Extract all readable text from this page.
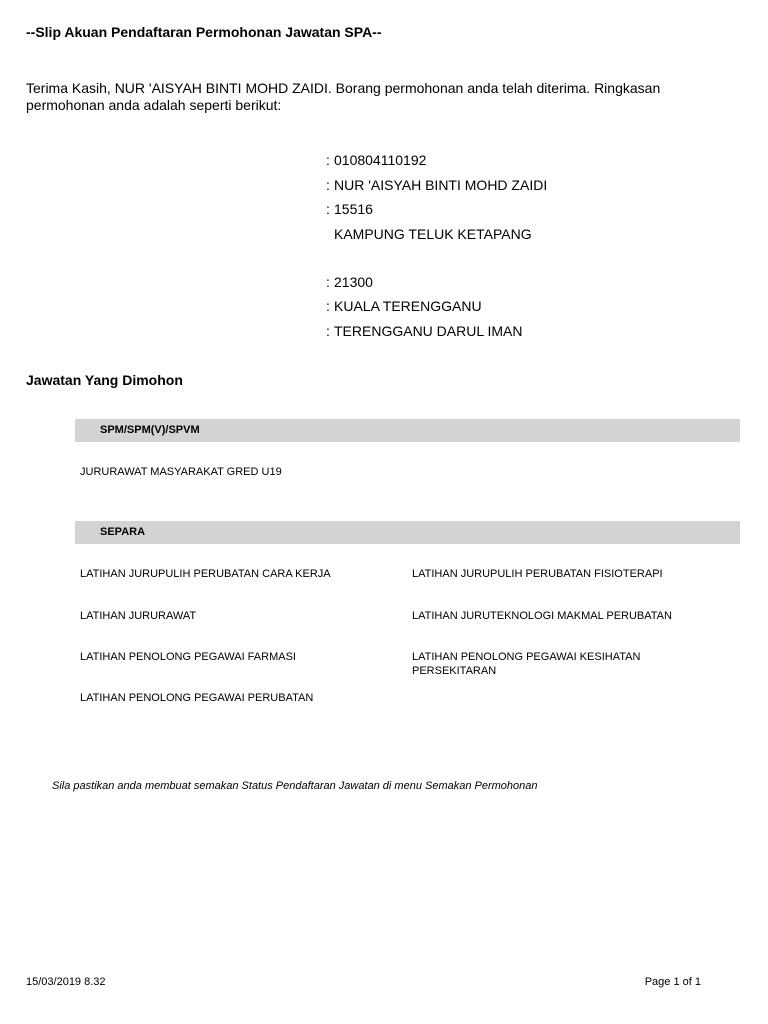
--Slip Akuan Pendaftaran Permohonan Jawatan SPA--
Terima Kasih, NUR 'AISYAH BINTI MOHD ZAIDI. Borang permohonan anda telah diterima. Ringkasan permohonan anda adalah seperti berikut:
: 010804110192
: NUR 'AISYAH BINTI MOHD ZAIDI
: 15516
KAMPUNG TELUK KETAPANG
: 21300
: KUALA TERENGGANU
: TERENGGANU DARUL IMAN
Jawatan Yang Dimohon
SPM/SPM(V)/SPVM
JURURAWAT MASYARAKAT GRED U19
SEPARA
LATIHAN JURUPULIH PERUBATAN CARA KERJA	LATIHAN JURUPULIH PERUBATAN FISIOTERAPI
LATIHAN JURURAWAT	LATIHAN JURUTEKNOLOGI MAKMAL PERUBATAN
LATIHAN PENOLONG PEGAWAI FARMASI	LATIHAN PENOLONG PEGAWAI KESIHATAN PERSEKITARAN
LATIHAN PENOLONG PEGAWAI PERUBATAN
Sila pastikan anda membuat semakan Status Pendaftaran Jawatan di menu Semakan Permohonan
15/03/2019 8.32	Page 1 of 1
